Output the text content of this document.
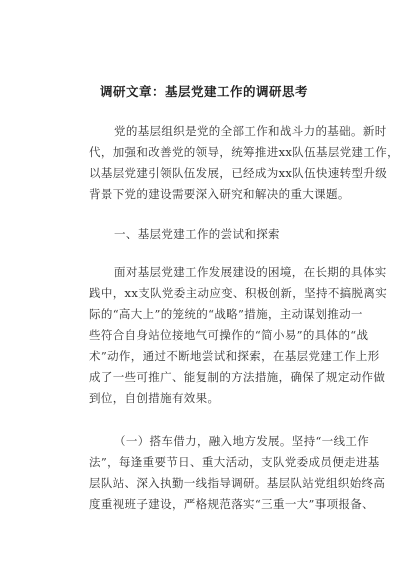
调研文章：基层党建工作的调研思考
党的基层组织是党的全部工作和战斗力的基础。新时
代，加强和改善党的领导，统筹推进xx队伍基层党建工作，
以基层党建引领队伍发展，已经成为xx队伍快速转型升级
背景下党的建设需要深入研究和解决的重大课题。
一、基层党建工作的尝试和探索
面对基层党建工作发展建设的困境，在长期的具体实
践中，xx支队党委主动应变、积极创新，坚持不搞脱离实
际的“高大上”的笼统的“战略”措施，主动谋划推动一
些符合自身站位接地气可操作的“简小易”的具体的“战
术”动作，通过不断地尝试和探索，在基层党建工作上形
成了一些可推广、能复制的方法措施，确保了规定动作做
到位，自创措施有效果。
（一）搭车借力，融入地方发展。坚持“一线工作
法”，每逢重要节日、重大活动，支队党委成员便走进基
层队站、深入执勤一线指导调研。基层队站党组织始终高
度重视班子建设，严格规范落实“三重一大”事项报备、
